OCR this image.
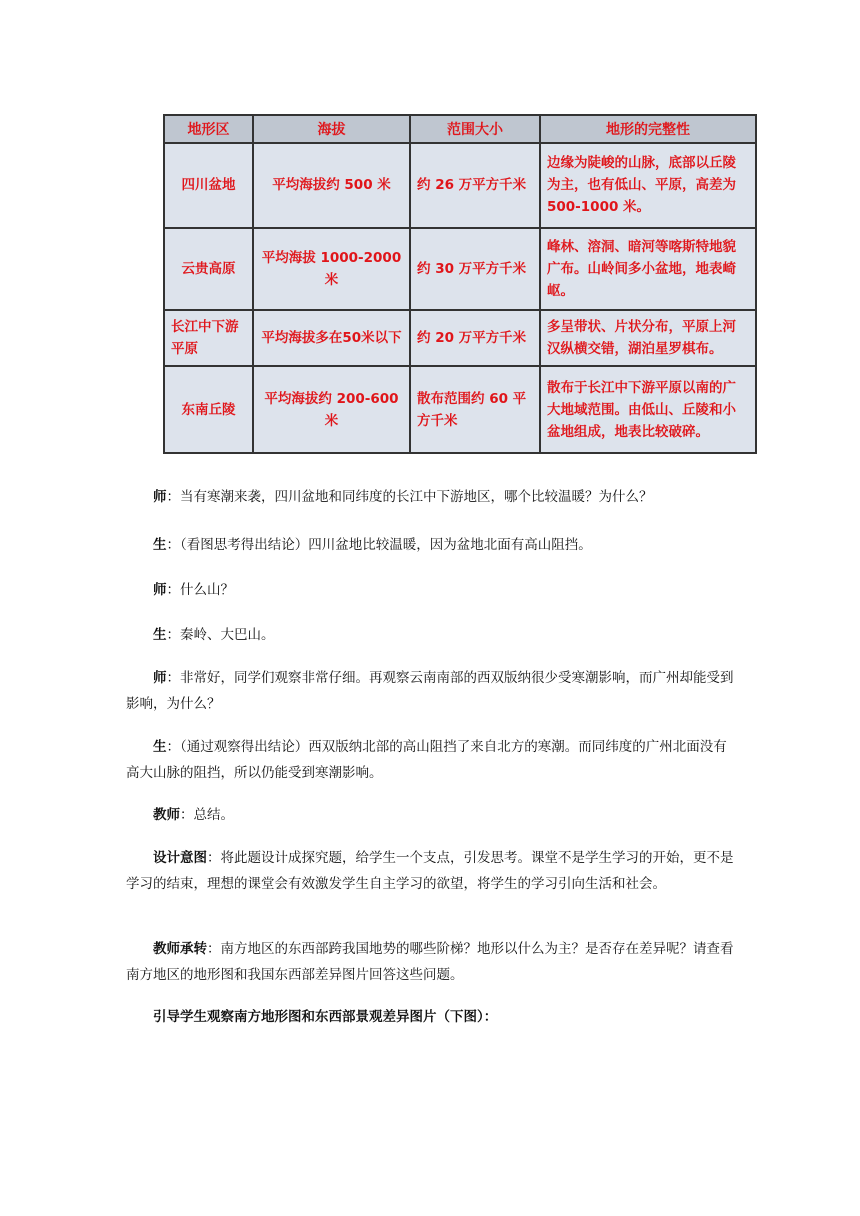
地形区	海拔	范围大小	地形的完整性
四川盆地	平均海拔约 500 米	约 26 万平方千米	边缘为陡峻的山脉，底部以丘陵为主，也有低山、平原，高差为500-1000 米。
云贵高原	平均海拔 1000-2000 米	约 30 万平方千米	峰林、溶洞、暗河等喀斯特地貌广布。山岭间多小盆地，地表崎岖。
长江中下游平原	平均海拔多在50米以下	约 20 万平方千米	多呈带状、片状分布，平原上河汉纵横交错，湖泊星罗棋布。
东南丘陵	平均海拔约 200-600 米	散布范围约 60 平方千米	散布于长江中下游平原以南的广大地域范围。由低山、丘陵和小盆地组成，地表比较破碎。

师：当有寒潮来袭，四川盆地和同纬度的长江中下游地区，哪个比较温暖？为什么？

生：（看图思考得出结论）四川盆地比较温暖，因为盆地北面有高山阻挡。

师：什么山？

生：秦岭、大巴山。

师：非常好，同学们观察非常仔细。再观察云南南部的西双版纳很少受寒潮影响，而广州却能受到影响，为什么？

生：（通过观察得出结论）西双版纳北部的高山阻挡了来自北方的寒潮。而同纬度的广州北面没有高大山脉的阻挡，所以仍能受到寒潮影响。

教师：总结。

设计意图：将此题设计成探究题，给学生一个支点，引发思考。课堂不是学生学习的开始，更不是学习的结束，理想的课堂会有效激发学生自主学习的欲望，将学生的学习引向生活和社会。

教师承转：南方地区的东西部跨我国地势的哪些阶梯？地形以什么为主？是否存在差异呢？请查看南方地区的地形图和我国东西部差异图片回答这些问题。

引导学生观察南方地形图和东西部景观差异图片（下图）：
